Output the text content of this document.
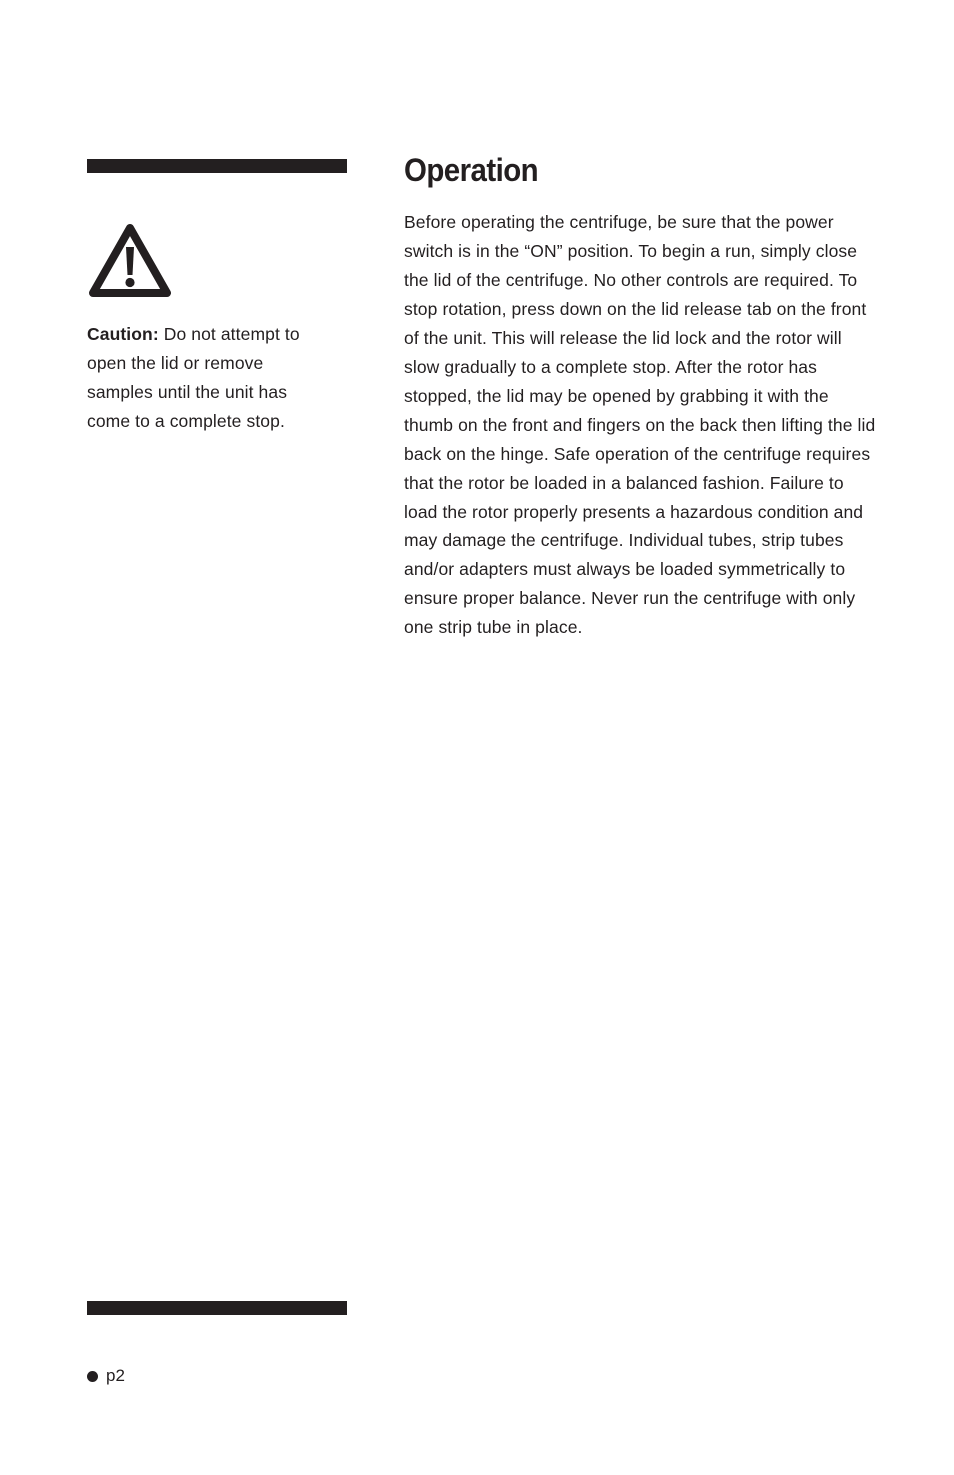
Caution: Do not attempt to open the lid or remove samples until the unit has come to a complete stop.
Operation

Before operating the centrifuge, be sure that the power switch is in the “ON” position. To begin a run, simply close the lid of the centrifuge. No other controls are required. To stop rotation, press down on the lid release tab on the front of the unit. This will release the lid lock and the rotor will slow gradually to a complete stop. After the rotor has stopped, the lid may be opened by grabbing it with the thumb on the front and fingers on the back then lifting the lid back on the hinge. Safe operation of the centrifuge requires that the rotor be loaded in a balanced fashion. Failure to load the rotor properly presents a hazardous condition and may damage the centrifuge. Individual tubes, strip tubes and/or adapters must always be loaded symmetrically to ensure proper balance. Never run the centrifuge with only one strip tube in place.

p2
